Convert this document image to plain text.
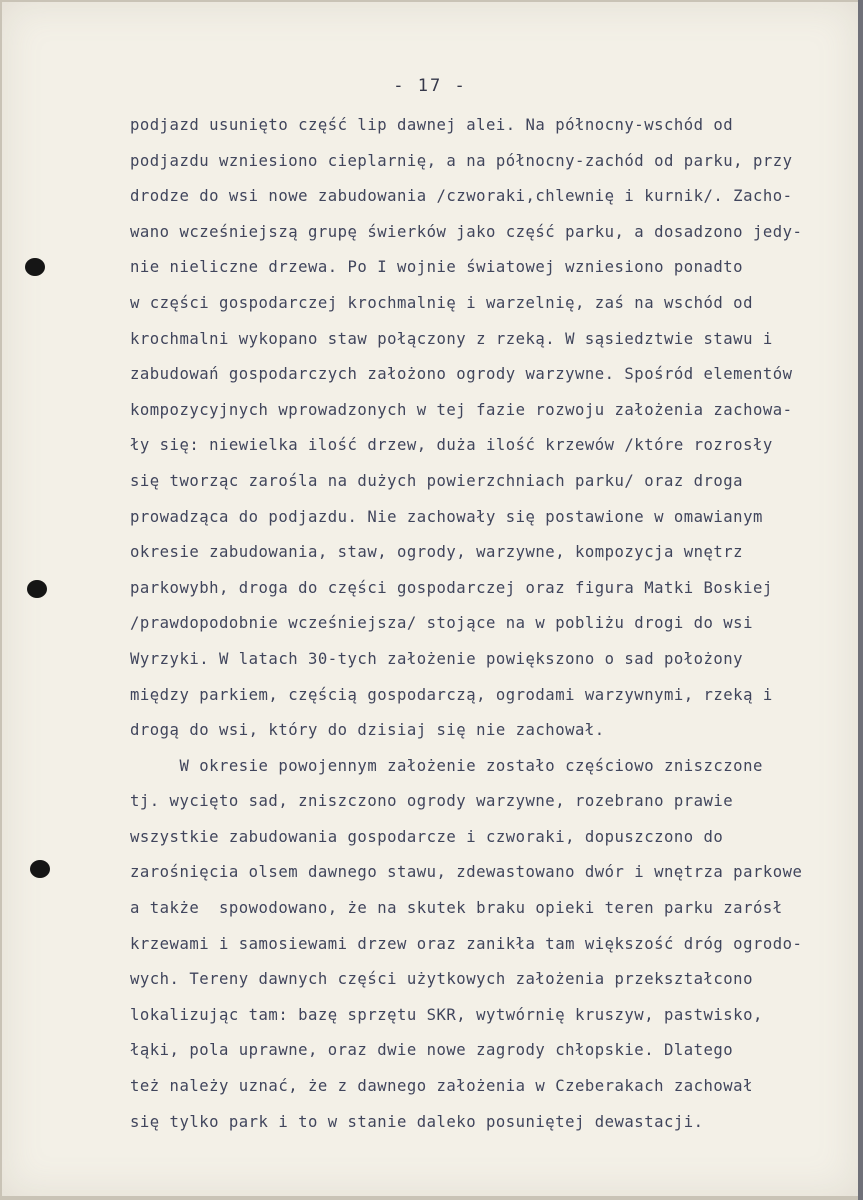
- 17 -
podjazd usunięto część lip dawnej alei. Na północny-wschód od
podjazdu wzniesiono cieplarnię, a na północny-zachód od parku, przy
drodze do wsi nowe zabudowania /czworaki,chlewnię i kurnik/. Zacho-
wano wcześniejszą grupę świerków jako część parku, a dosadzono jedy-
nie nieliczne drzewa. Po I wojnie światowej wzniesiono ponadto
w części gospodarczej krochmalnię i warzelnię, zaś na wschód od
krochmalni wykopano staw połączony z rzeką. W sąsiedztwie stawu i
zabudowań gospodarczych założono ogrody warzywne. Spośród elementów
kompozycyjnych wprowadzonych w tej fazie rozwoju założenia zachowa-
ły się: niewielka ilość drzew, duża ilość krzewów /które rozrosły
się tworząc zarośla na dużych powierzchniach parku/ oraz droga
prowadząca do podjazdu. Nie zachowały się postawione w omawianym
okresie zabudowania, staw, ogrody, warzywne, kompozycja wnętrz
parkowybh, droga do części gospodarczej oraz figura Matki Boskiej
/prawdopodobnie wcześniejsza/ stojące na w pobliżu drogi do wsi
Wyrzyki. W latach 30-tych założenie powiększono o sad położony
między parkiem, częścią gospodarczą, ogrodami warzywnymi, rzeką i
drogą do wsi, który do dzisiaj się nie zachował.
W okresie powojennym założenie zostało częściowo zniszczone
tj. wycięto sad, zniszczono ogrody warzywne, rozebrano prawie
wszystkie zabudowania gospodarcze i czworaki, dopuszczono do
zarośnięcia olsem dawnego stawu, zdewastowano dwór i wnętrza parkowe
a także  spowodowano, że na skutek braku opieki teren parku zarósł
krzewami i samosiewami drzew oraz zanikła tam większość dróg ogrodo-
wych. Tereny dawnych części użytkowych założenia przekształcono
lokalizując tam: bazę sprzętu SKR, wytwórnię kruszyw, pastwisko,
łąki, pola uprawne, oraz dwie nowe zagrody chłopskie. Dlatego
też należy uznać, że z dawnego założenia w Czeberakach zachował
się tylko park i to w stanie daleko posuniętej dewastacji.
